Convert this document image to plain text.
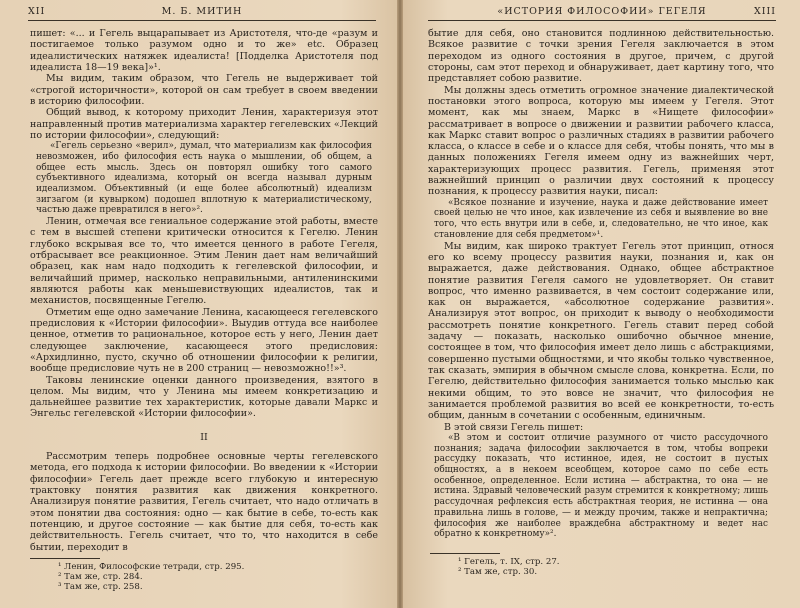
XII	М. Б. МИТИН

пишет: «... и Гегель выцарапывает из Аристотеля, что-де «разум и постигаемое только разумом одно и то же» etc. Образец идеалистических натяжек идеалиста! [Подделка Аристотеля под идеалиста 18—19 века]»¹.

Мы видим, таким образом, что Гегель не выдерживает той «строгой историчности», которой он сам требует в своем введении в историю философии.

Общий вывод, к которому приходит Ленин, характеризуя этот направленный против материализма характер гегелевских «Лекций по истории философии», следующий:

«Гегель серьезно «верил», думал, что материализм как философия невозможен, ибо философия есть наука о мышлении, об общем, а общее есть мысль. Здесь он повторял ошибку того самого субъективного идеализма, который он всегда называл дурным идеализмом. Объективный (и еще более абсолютный) идеализм зигзагом (и кувырком) подошел вплотную к материалистическому, частью даже превратился в него»².

Ленин, отмечая все гениальное содержание этой работы, вместе с тем в высшей степени критически относится к Гегелю. Ленин глубоко вскрывая все то, что имеется ценного в работе Гегеля, отбрасывает все реакционное. Этим Ленин дает нам величайший образец, как нам надо подходить к гегелевской философии, и величайший пример, насколько неправильными, антиленинскими являются работы как меньшевиствующих идеалистов, так и механистов, посвященные Гегелю.

Отметим еще одно замечание Ленина, касающееся гегелевского предисловия к «Истории философии». Выудив оттуда все наиболее ценное, отметив то рациональное, которое есть у него, Ленин дает следующее заключение, касающееся этого предисловия: «Архидлинно, пусто, скучно об отношении философии к религии, вообще предисловие чуть не в 200 страниц — невозможно!!»³.

Таковы ленинские оценки данного произведения, взятого в целом. Мы видим, что у Ленина мы имеем конкретизацию и дальнейшее развитие тех характеристик, которые давали Маркс и Энгельс гегелевской «Истории философии».

II

Рассмотрим теперь подробнее основные черты гегелевского метода, его подхода к истории философии. Во введении к «Истории философии» Гегель дает прежде всего глубокую и интересную трактовку понятия развития как движения конкретного. Анализируя понятие развития, Гегель считает, что надо отличать в этом понятии два состояния: одно — как бытие в себе, то-есть как потенцию, и другое состояние — как бытие для себя, то-есть как действительность. Гегель считает, что то, что находится в себе бытии, переходит в

¹ Ленин, Философские тетради, стр. 295.
² Там же, стр. 284.
³ Там же, стр. 258.
«ИСТОРИЯ ФИЛОСОФИИ» ГЕГЕЛЯ	XIII

бытие для себя, оно становится подлинною действительностью. Всякое развитие с точки зрения Гегеля заключается в этом переходом из одного состояния в другое, причем, с другой стороны, сам этот переход и обнаруживает, дает картину того, что представляет собою развитие.

Мы должны здесь отметить огромное значение диалектической постановки этого вопроса, которую мы имеем у Гегеля. Этот момент, как мы знаем, Маркс в «Нищете философии» рассматривает в вопросе о движении и развитии рабочего класса, как Маркс ставит вопрос о различных стадиях в развитии рабочего класса, о классе в себе и о классе для себя, чтобы понять, что мы в данных положениях Гегеля имеем одну из важнейших черт, характеризующих процесс развития. Гегель, применяя этот важнейший принцип о различии двух состояний к процессу познания, к процессу развития науки, писал:

«Всякое познание и изучение, наука и даже действование имеет своей целью не что иное, как извлечение из себя и выявление во вне того, что есть внутри или в себе, и, следовательно, не что иное, как становление для себя предметом»¹.

Мы видим, как широко трактует Гегель этот принцип, относя его ко всему процессу развития науки, познания и, как он выражается, даже действования. Однако, общее абстрактное понятие развития Гегеля самого не удовлетворяет. Он ставит вопрос, что именно развивается, в чем состоит содержание или, как он выражается, «абсолютное содержание развития». Анализируя этот вопрос, он приходит к выводу о необходимости рассмотреть понятие конкретного. Гегель ставит перед собой задачу — показать, насколько ошибочно обычное мнение, состоящее в том, что философия имеет дело лишь с абстракциями, совершенно пустыми общностями, и что якобы только чувственное, так сказать, эмпирия в обычном смысле слова, конкретна. Если, по Гегелю, действительно философия занимается только мыслью как некими общим, то это вовсе не значит, что философия не занимается проблемой развития во всей ее конкретности, то-есть общим, данным в сочетании с особенным, единичным.

В этой связи Гегель пишет:

«В этом и состоит отличие разумного от чисто рассудочного познания; задача философии заключается в том, чтобы вопреки рассудку показать, что истинное, идея, не состоит в пустых общностях, а в некоем всеобщем, которое само по себе есть особенное, определенное. Если истина — абстрактна, то она — не истина. Здравый человеческий разум стремится к конкретному; лишь рассудочная рефлексия есть абстрактная теория, не истинна — она правильна лишь в голове, — и между прочим, также и непрактична; философия же наиболее враждебна абстрактному и ведет нас обратно к конкретному»².

¹ Гегель, т. IX, стр. 27.
² Там же, стр. 30.
